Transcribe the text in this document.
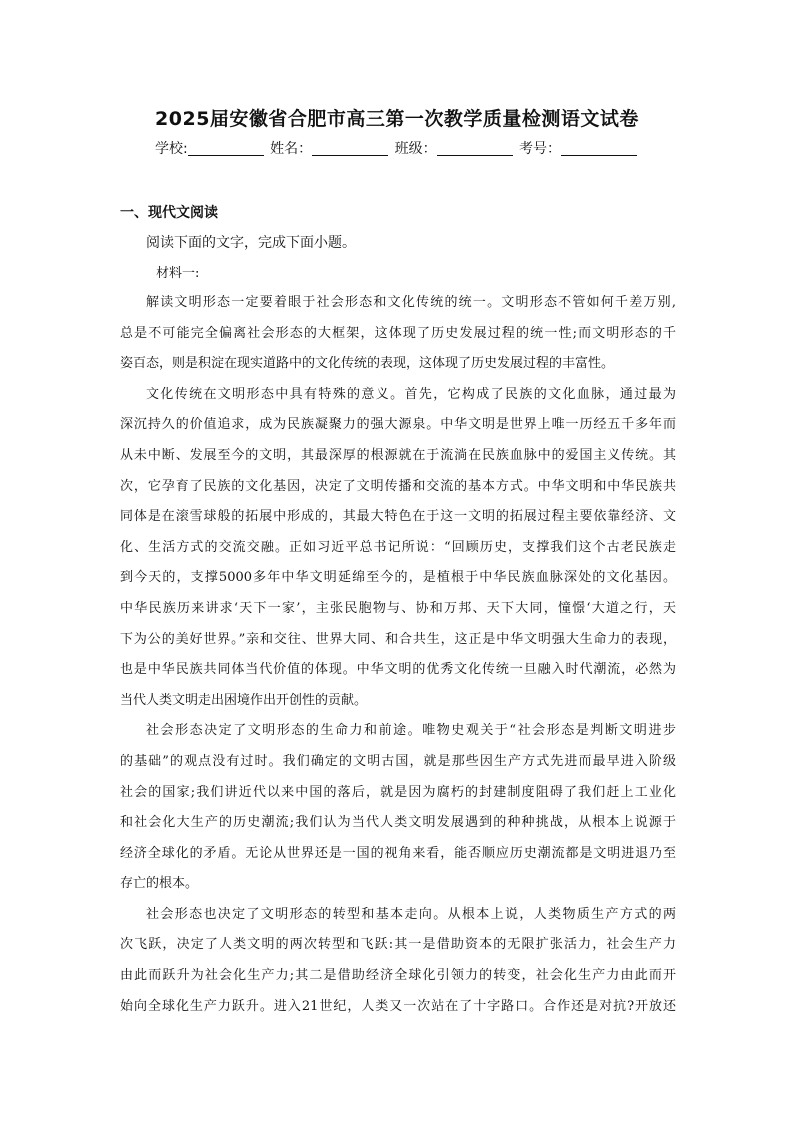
2025届安徽省合肥市高三第一次教学质量检测语文试卷
学校:	姓名：	班级：	考号：
一、现代文阅读
阅读下面的文字，完成下面小题。
材料一:
解读文明形态一定要着眼于社会形态和文化传统的统一。文明形态不管如何千差万别,
总是不可能完全偏离社会形态的大框架，这体现了历史发展过程的统一性;而文明形态的千
姿百态，则是积淀在现实道路中的文化传统的表现，这体现了历史发展过程的丰富性。
文化传统在文明形态中具有特殊的意义。首先，它构成了民族的文化血脉，通过最为
深沉持久的价值追求，成为民族凝聚力的强大源泉。中华文明是世界上唯一历经五千多年而
从未中断、发展至今的文明，其最深厚的根源就在于流淌在民族血脉中的爱国主义传统。其
次，它孕育了民族的文化基因，决定了文明传播和交流的基本方式。中华文明和中华民族共
同体是在滚雪球般的拓展中形成的，其最大特色在于这一文明的拓展过程主要依靠经济、文
化、生活方式的交流交融。正如习近平总书记所说：“回顾历史，支撑我们这个古老民族走
到今天的，支撑5000多年中华文明延绵至今的，是植根于中华民族血脉深处的文化基因。
中华民族历来讲求‘天下一家’，主张民胞物与、协和万邦、天下大同，憧憬‘大道之行，天
下为公的美好世界。”亲和交往、世界大同、和合共生，这正是中华文明强大生命力的表现，
也是中华民族共同体当代价值的体现。中华文明的优秀文化传统一旦融入时代潮流，必然为
当代人类文明走出困境作出开创性的贡献。
社会形态决定了文明形态的生命力和前途。唯物史观关于“社会形态是判断文明进步
的基础”的观点没有过时。我们确定的文明古国，就是那些因生产方式先进而最早进入阶级
社会的国家;我们讲近代以来中国的落后，就是因为腐朽的封建制度阻碍了我们赶上工业化
和社会化大生产的历史潮流;我们认为当代人类文明发展遇到的种种挑战，从根本上说源于
经济全球化的矛盾。无论从世界还是一国的视角来看，能否顺应历史潮流都是文明进退乃至
存亡的根本。
社会形态也决定了文明形态的转型和基本走向。从根本上说，人类物质生产方式的两
次飞跃，决定了人类文明的两次转型和飞跃:其一是借助资本的无限扩张活力，社会生产力
由此而跃升为社会化生产力;其二是借助经济全球化引领力的转变，社会化生产力由此而开
始向全球化生产力跃升。进入21世纪，人类又一次站在了十字路口。合作还是对抗?开放还
